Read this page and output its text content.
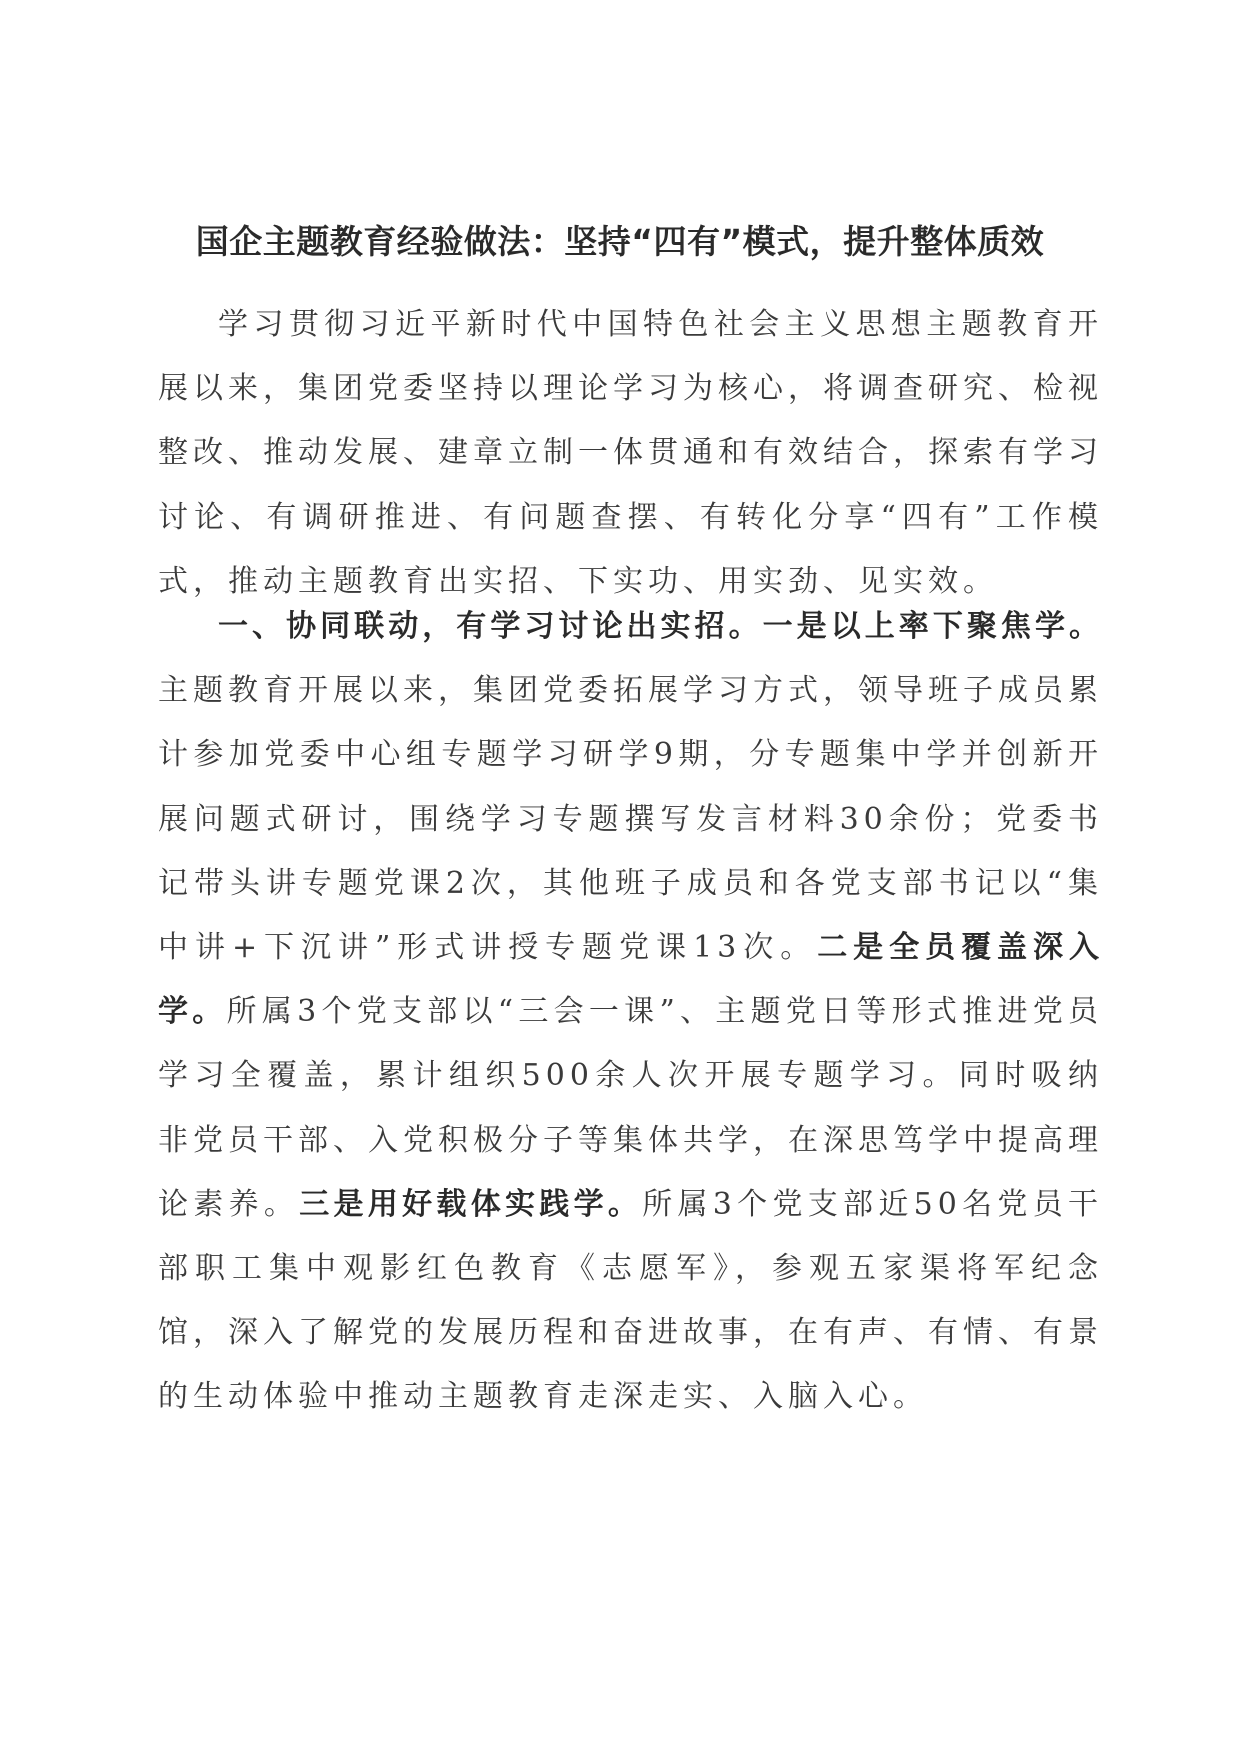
国企主题教育经验做法：坚持“四有”模式，提升整体质效

学习贯彻习近平新时代中国特色社会主义思想主题教育开展以来，集团党委坚持以理论学习为核心，将调查研究、检视整改、推动发展、建章立制一体贯通和有效结合，探索有学习讨论、有调研推进、有问题查摆、有转化分享“四有”工作模式，推动主题教育出实招、下实功、用实劲、见实效。

一、协同联动，有学习讨论出实招。一是以上率下聚焦学。主题教育开展以来，集团党委拓展学习方式，领导班子成员累计参加党委中心组专题学习研学9期，分专题集中学并创新开展问题式研讨，围绕学习专题撰写发言材料30余份；党委书记带头讲专题党课2次，其他班子成员和各党支部书记以“集中讲+下沉讲”形式讲授专题党课13次。二是全员覆盖深入学。所属3个党支部以“三会一课”、主题党日等形式推进党员学习全覆盖，累计组织500余人次开展专题学习。同时吸纳非党员干部、入党积极分子等集体共学，在深思笃学中提高理论素养。三是用好载体实践学。所属3个党支部近50名党员干部职工集中观影红色教育《志愿军》，参观五家渠将军纪念馆，深入了解党的发展历程和奋进故事，在有声、有情、有景的生动体验中推动主题教育走深走实、入脑入心。
